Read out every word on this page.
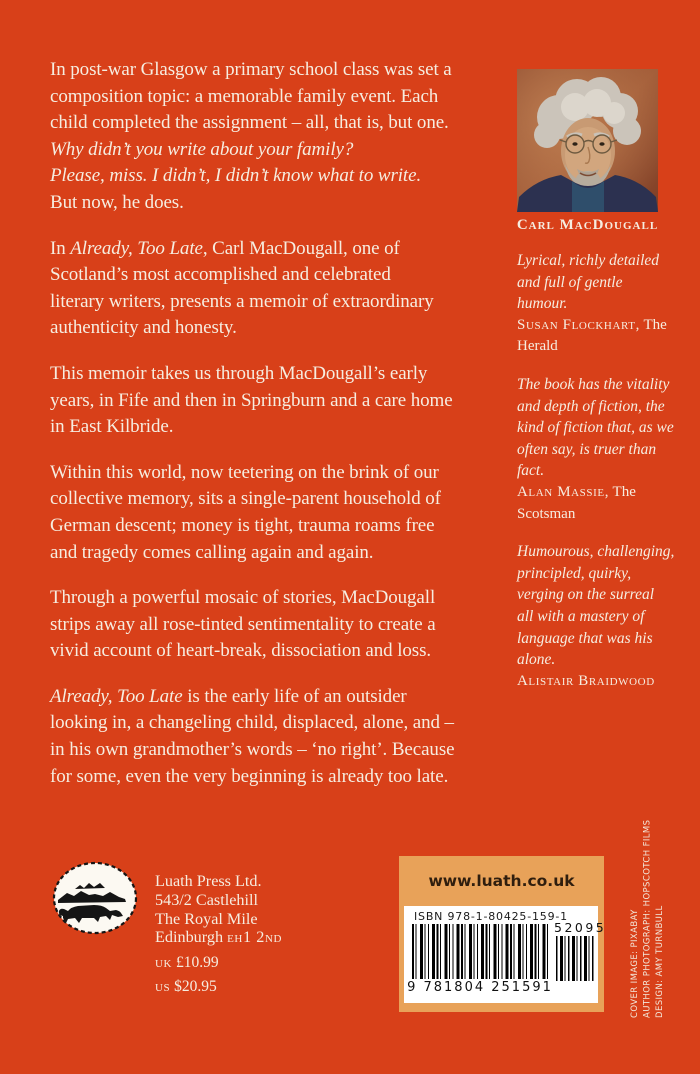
In post-war Glasgow a primary school class was set a
composition topic: a memorable family event. Each
child completed the assignment – all, that is, but one.
Why didn’t you write about your family?
Please, miss. I didn’t, I didn’t know what to write.
But now, he does.
In Already, Too Late, Carl MacDougall, one of
Scotland’s most accomplished and celebrated
literary writers, presents a memoir of extraordinary
authenticity and honesty.
This memoir takes us through MacDougall’s early
years, in Fife and then in Springburn and a care home
in East Kilbride.
Within this world, now teetering on the brink of our
collective memory, sits a single-parent household of
German descent; money is tight, trauma roams free
and tragedy comes calling again and again.
Through a powerful mosaic of stories, MacDougall
strips away all rose-tinted sentimentality to create a
vivid account of heart-break, dissociation and loss.
Already, Too Late is the early life of an outsider
looking in, a changeling child, displaced, alone, and –
in his own grandmother’s words – ‘no right’. Because
for some, even the very beginning is already too late.
Carl MacDougall
Lyrical, richly detailed
and full of gentle
humour.
Susan Flockhart, The
Herald
The book has the vitality
and depth of fiction, the
kind of fiction that, as we
often say, is truer than
fact.
Alan Massie, The
Scotsman
Humourous, challenging,
principled, quirky,
verging on the surreal
all with a mastery of
language that was his
alone.
Alistair Braidwood
Luath Press Ltd.
543/2 Castlehill
The Royal Mile
Edinburgh eh1 2nd
uk £10.99
us $20.95
www.luath.co.uk
ISBN 978-1-80425-159-1
9 781804 251591
52095	COVER IMAGE: PIXABAY AUTHOR PHOTOGRAPH: HOPSCOTCH FILMS DESIGN: AMY TURNBULL
